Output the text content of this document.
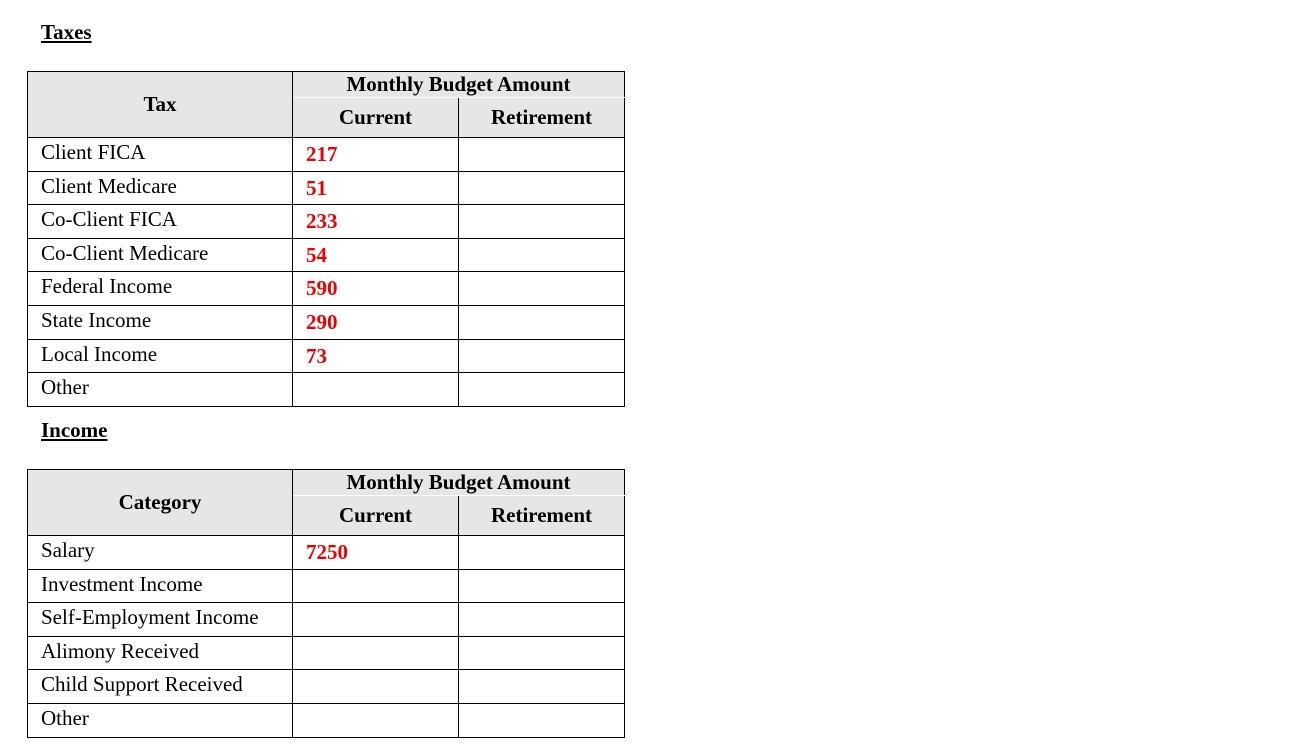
Taxes
Tax	Monthly Budget Amount	
	Current	Retirement
Client FICA	217	
Client Medicare	51	
Co-Client FICA	233	
Co-Client Medicare	54	
Federal Income	590	
State Income	290	
Local Income	73	
Other		
Income
Category	Monthly Budget Amount	
	Current	Retirement
Salary	7250	
Investment Income		
Self-Employment Income		
Alimony Received		
Child Support Received		
Other		
